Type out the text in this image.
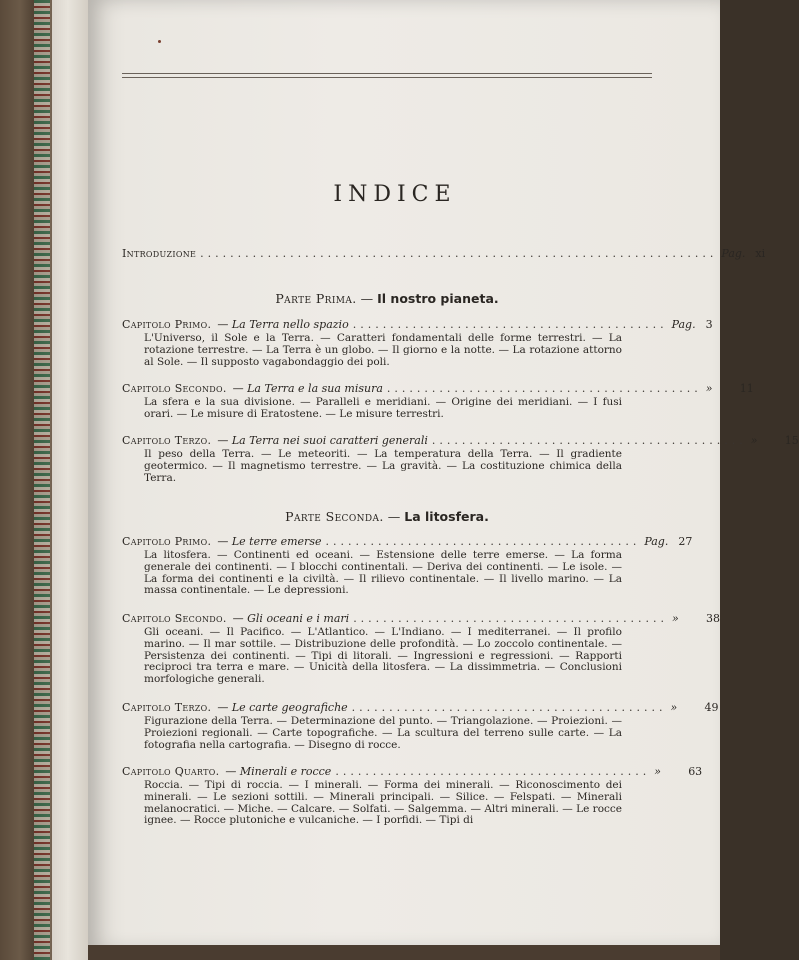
INDICE
Introduzione ..................................................................... Pag. xi
Parte Prima. — Il nostro pianeta.
Capitolo Primo. — La Terra nello spazio .......................................... Pag. 3
L'Universo, il Sole e la Terra. — Caratteri fondamentali delle forme terrestri. — La rotazione terrestre. — La Terra è un globo. — Il giorno e la notte. — La rotazione attorno al Sole. — Il supposto vagabondaggio dei poli.
Capitolo Secondo. — La Terra e la sua misura .......................................... »	11
La sfera e la sua divisione. — Paralleli e meridiani. — Origine dei meridiani. — I fusi orari. — Le misure di Eratostene. — Le misure terrestri.
Capitolo Terzo. — La Terra nei suoi caratteri generali .......................................... »	15
Il peso della Terra. — Le meteoriti. — La temperatura della Terra. — Il gradiente geotermico. — Il magnetismo terrestre. — La gravità. — La costituzione chimica della Terra.
Parte Seconda. — La litosfera.
Capitolo Primo. — Le terre emerse .......................................... Pag. 27
La litosfera. — Continenti ed oceani. — Estensione delle terre emerse. — La forma generale dei continenti. — I blocchi continentali. — Deriva dei continenti. — Le isole. — La forma dei continenti e la civiltà. — Il rilievo continentale. — Il livello marino. — La massa continentale. — Le depressioni.
Capitolo Secondo. — Gli oceani e i mari .......................................... »	38
Gli oceani. — Il Pacifico. — L'Atlantico. — L'Indiano. — I mediterranei. — Il profilo marino. — Il mar sottile. — Distribuzione delle profondità. — Lo zoccolo continentale. — Persistenza dei continenti. — Tipi di litorali. — Ingressioni e regressioni. — Rapporti reciproci tra terra e mare. — Unicità della litosfera. — La dissimmetria. — Conclusioni morfologiche generali.
Capitolo Terzo. — Le carte geografiche .......................................... »	49
Figurazione della Terra. — Determinazione del punto. — Triangolazione. — Proiezioni. — Proiezioni regionali. — Carte topografiche. — La scultura del terreno sulle carte. — La fotografia nella cartografia. — Disegno di rocce.
Capitolo Quarto. — Minerali e rocce .......................................... »	63
Roccia. — Tipi di roccia. — I minerali. — Forma dei minerali. — Riconoscimento dei minerali. — Le sezioni sottili. — Minerali principali. — Silice. — Felspati. — Minerali melanocratici. — Miche. — Calcare. — Solfati. — Salgemma. — Altri minerali. — Le rocce ignee. — Rocce plutoniche e vulcaniche. — I porfidi. — Tipi di
